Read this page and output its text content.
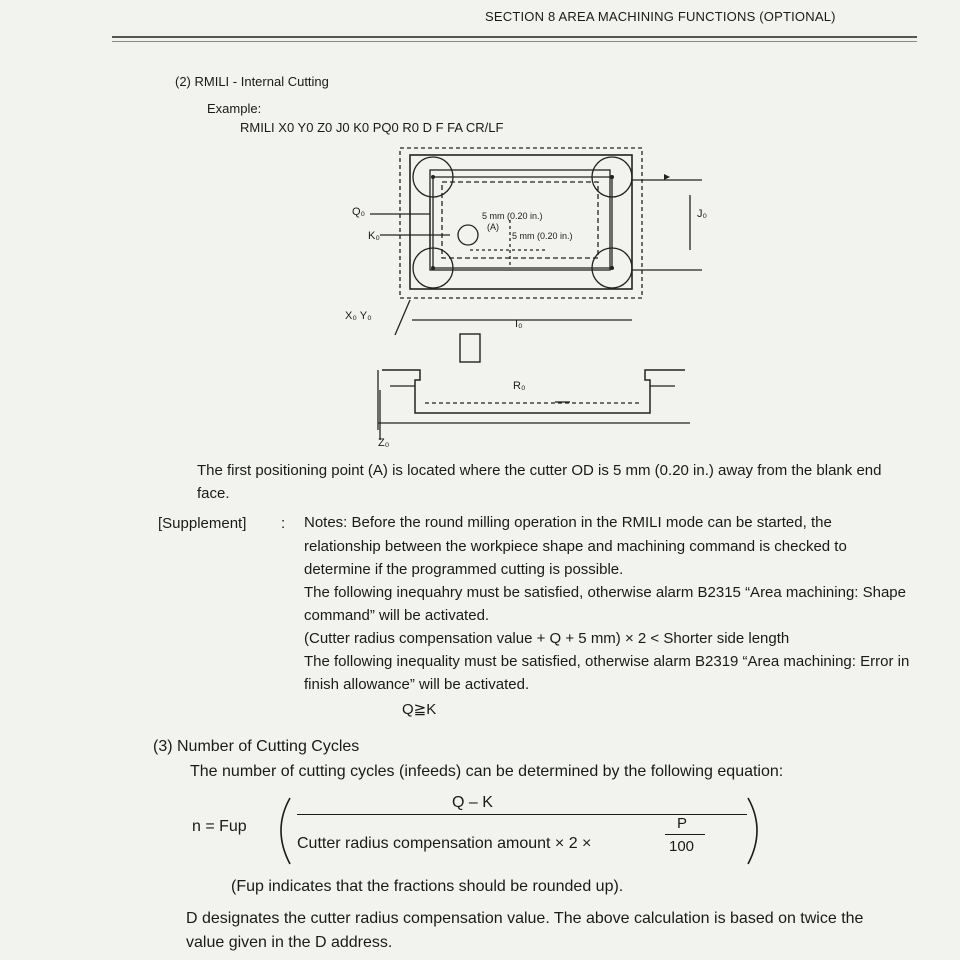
SECTION 8 AREA MACHINING FUNCTIONS (OPTIONAL)
(2) RMILI - Internal Cutting
Example:
RMILI X0 Y0 Z0 J0 K0 PQ0 R0 D F FA CR/LF
Q₀
K₀
J₀
X₀ Y₀
I₀
R₀
Z₀
5 mm (0.20 in.)
(A)
5 mm (0.20 in.)
The first positioning point (A) is located where the cutter OD is 5 mm (0.20 in.) away from the blank end
face.
[Supplement] : Notes: Before the round milling operation in the RMILI mode can be started, the
relationship between the workpiece shape and machining command is checked to
determine if the programmed cutting is possible.
The following inequahry must be satisfied, otherwise alarm B2315 “Area machining: Shape
command” will be activated.
(Cutter radius compensation value + Q + 5 mm) × 2 < Shorter side length
The following inequality must be satisfied, otherwise alarm B2319 “Area machining: Error in
finish allowance” will be activated.
Q≧K
(3) Number of Cutting Cycles
The number of cutting cycles (infeeds) can be determined by the following equation:
n = Fup
Q – K
Cutter radius compensation amount × 2 ×
P
100
(Fup indicates that the fractions should be rounded up).
D designates the cutter radius compensation value. The above calculation is based on twice the
value given in the D address.
